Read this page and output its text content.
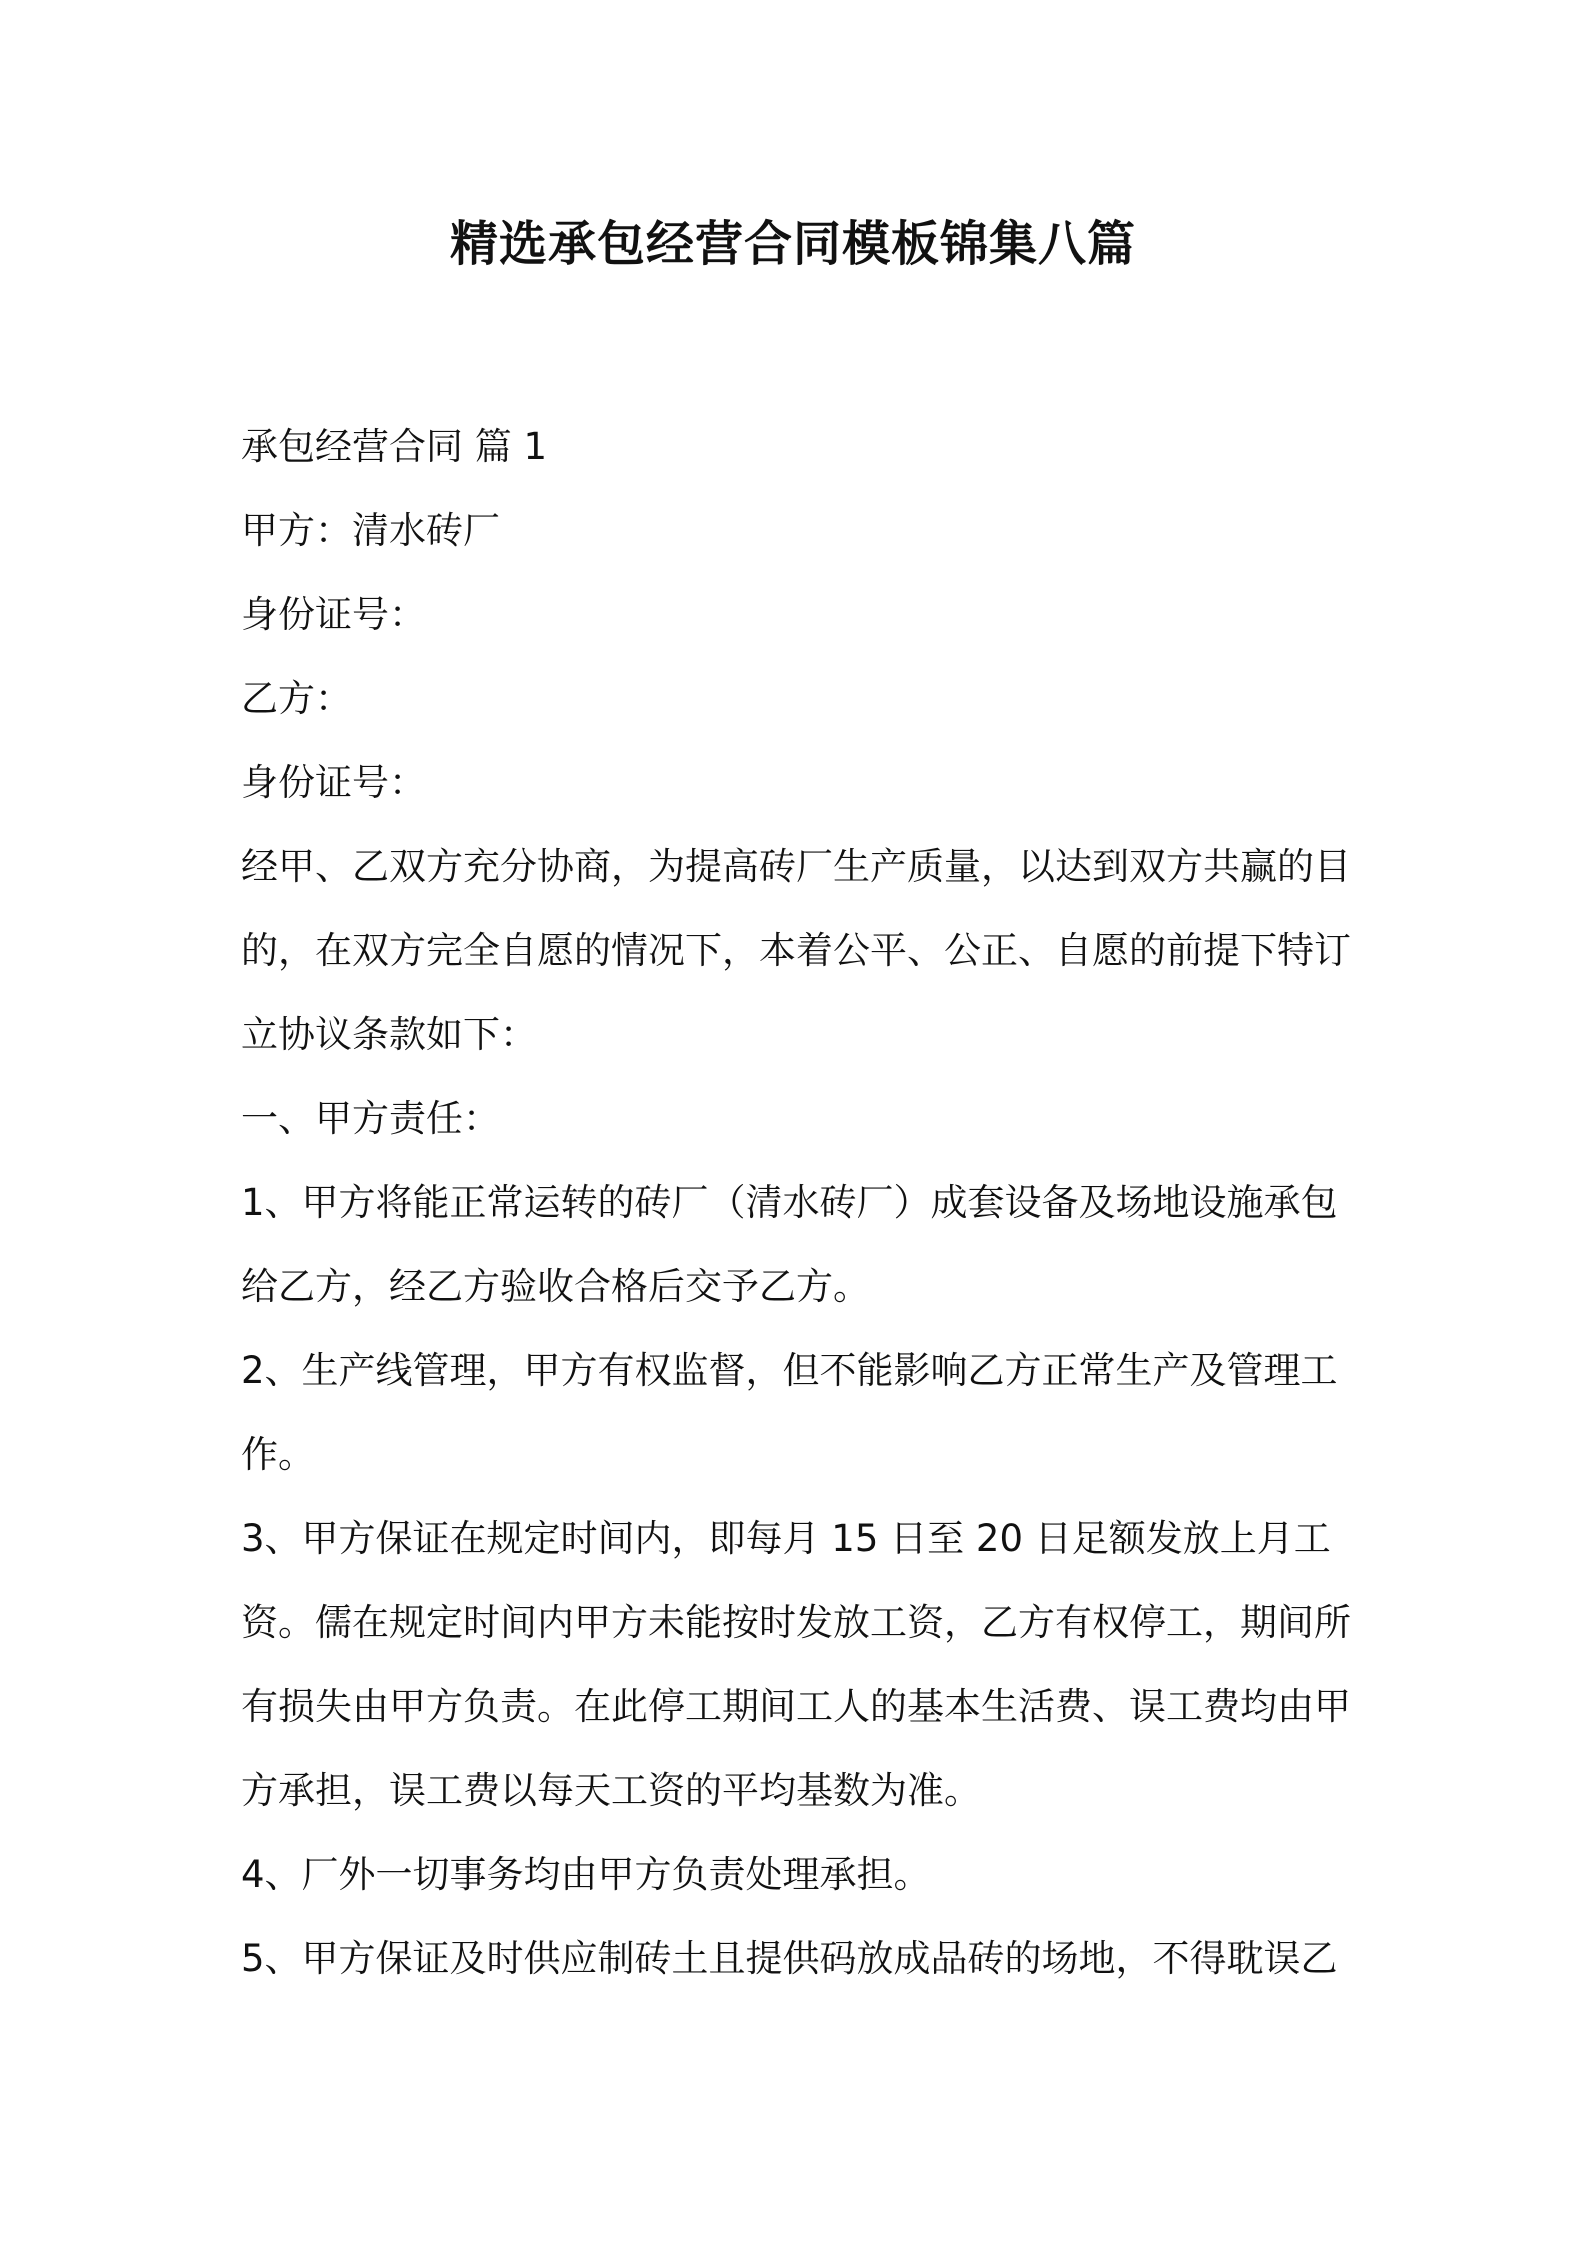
精选承包经营合同模板锦集八篇

承包经营合同 篇 1

甲方：清水砖厂

身份证号：

乙方：

身份证号：

经甲、乙双方充分协商，为提高砖厂生产质量，以达到双方共赢的目的，在双方完全自愿的情况下，本着公平、公正、自愿的前提下特订立协议条款如下：

一、甲方责任：

1、甲方将能正常运转的砖厂（清水砖厂）成套设备及场地设施承包给乙方，经乙方验收合格后交予乙方。

2、生产线管理，甲方有权监督，但不能影响乙方正常生产及管理工作。

3、甲方保证在规定时间内，即每月 15 日至 20 日足额发放上月工资。儒在规定时间内甲方未能按时发放工资，乙方有权停工，期间所有损失由甲方负责。在此停工期间工人的基本生活费、误工费均由甲方承担，误工费以每天工资的平均基数为准。

4、厂外一切事务均由甲方负责处理承担。

5、甲方保证及时供应制砖土且提供码放成品砖的场地，不得耽误乙
